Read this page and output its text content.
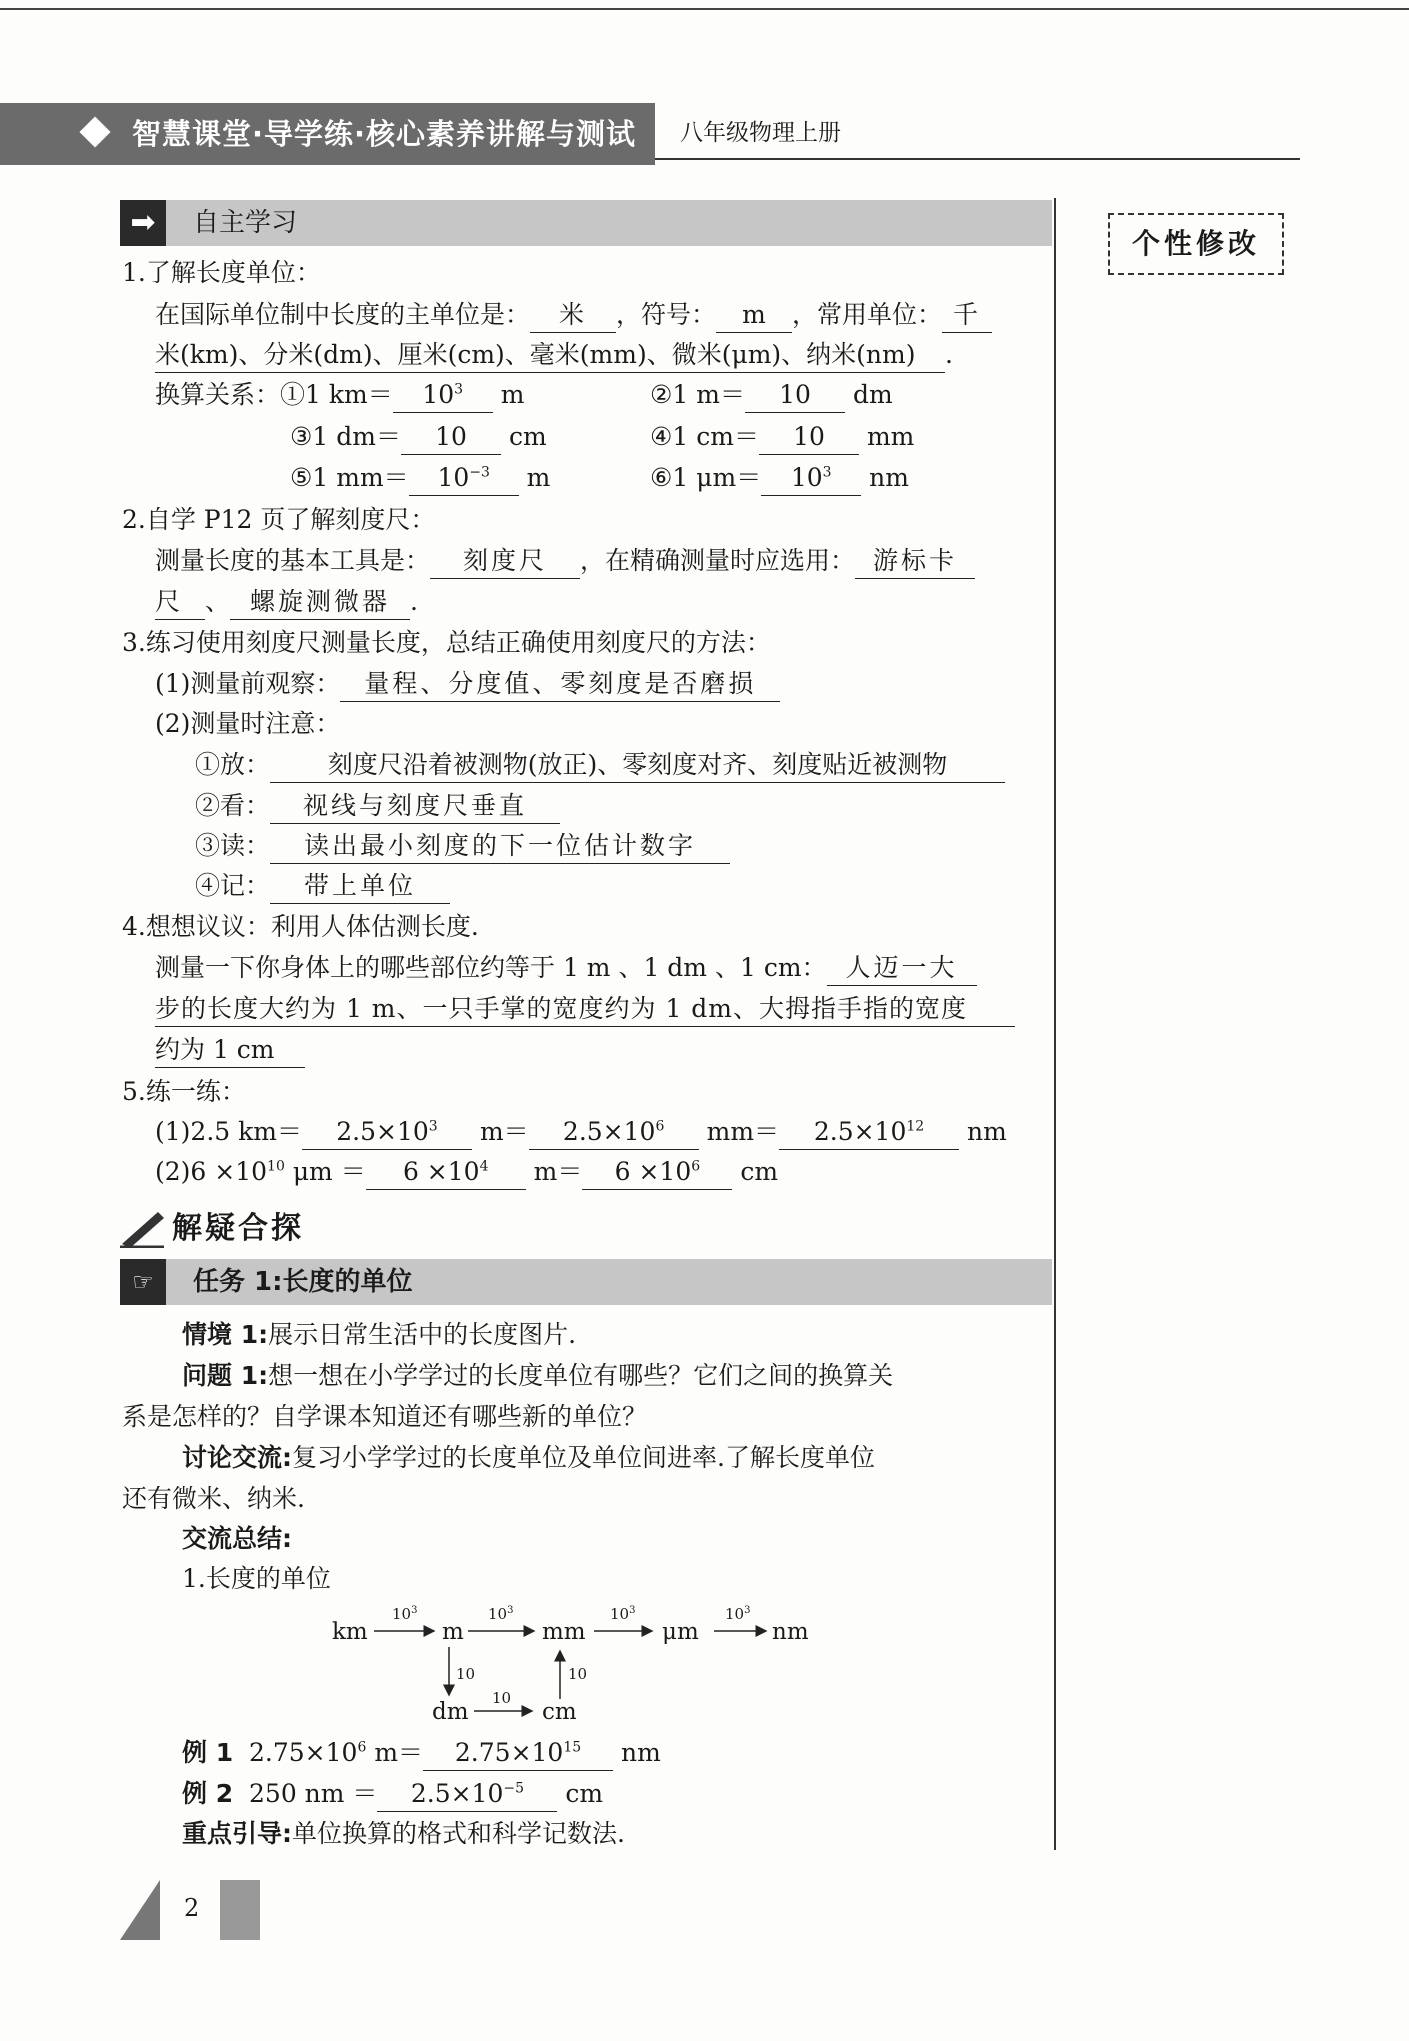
智慧课堂·导学练·核心素养讲解与测试 八年级物理上册
个性修改
➡	自主学习
1.了解长度单位：
在国际单位制中长度的主单位是： 米 ，符号： m ，常用单位： 千
米(km)、分米(dm)、厘米(cm)、毫米(mm)、微米(μm)、纳米(nm) .
换算关系：①1 $km= 10^3$ m	②1 m＝ 10 dm
③1 dm＝ 10 cm	④1 cm＝ 10 mm
⑤1 $mm= 10^{-3}$ m	⑥1 $\mu m= 10^3$ nm
2.自学 P12 页了解刻度尺：
测量长度的基本工具是： 刻度尺 ，在精确测量时应选用： 游标卡
尺 、 螺旋测微器 .
3.练习使用刻度尺测量长度，总结正确使用刻度尺的方法：
(1)测量前观察： 量程、分度值、零刻度是否磨损
(2)测量时注意：
①放： 刻度尺沿着被测物(放正)、零刻度对齐、刻度贴近被测物
②看： 视线与刻度尺垂直
③读： 读出最小刻度的下一位估计数字
④记： 带上单位
4.想想议议：利用人体估测长度.
测量一下你身体上的哪些部位约等于 1 m 、1 dm 、1 cm： 人迈一大
步的长度大约为 1 m、一只手掌的宽度约为 1 dm、大拇指手指的宽度
约为 1 cm
5.练一练：
(1)2.5 $km= 2.5\times 10^3$ $m= 2.5\times 10^6$ $mm= 2.5\times 10^{12}$ nm
$(2)6 \times 10^{10}$ $\mu m = 6 \times 10^4$ $m= 6 \times 10^6$ cm
解疑合探
☞	任务 1:长度的单位
情境 1:展示日常生活中的长度图片.
问题 1:想一想在小学学过的长度单位有哪些？它们之间的换算关
系是怎样的？自学课本知道还有哪些新的单位？
讨论交流:复习小学学过的长度单位及单位间进率.了解长度单位
还有微米、纳米.
交流总结:
1.长度的单位
km	m	mm	μm	nm
dm	cm
$10^3$	$10^3$	$10^3$	$10^3$
10	10
10
例 1 $2.75\times 10^6$ $m= 2.75\times 10^{15}$ nm
例 2 250 nm ＝ $2.5\times 10^{-5}$ cm
重点引导:单位换算的格式和科学记数法.
2
